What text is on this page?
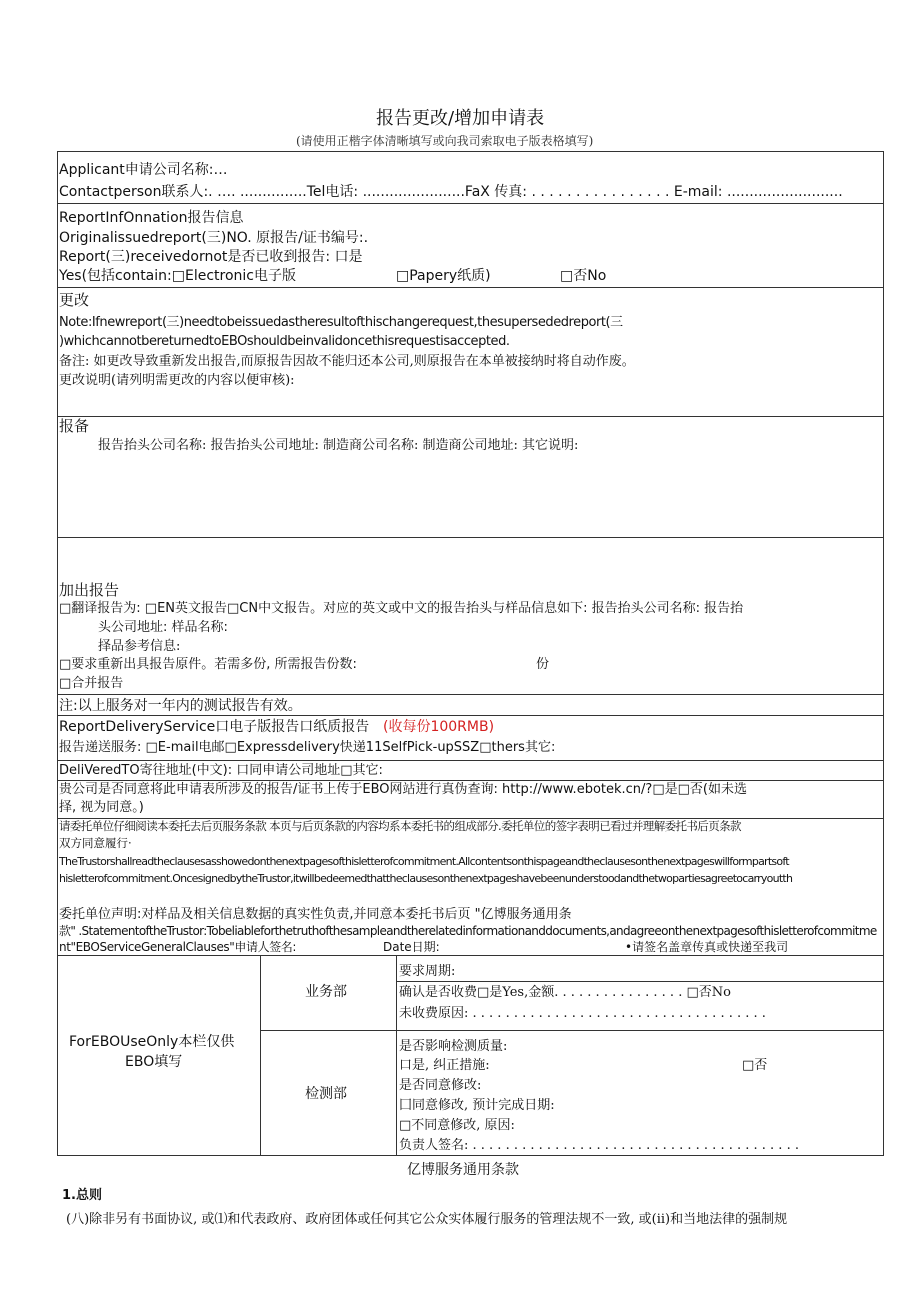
报告更改/增加申请表
(请使用正楷字体清晰填写或向我司索取电子版表格填写)
Applicant申请公司名称:…
Contactperson联系人:. …. ...............Tel电话: .......................FaX 传真: . . . . . . . . . . . . . . . . E-mail: ..........................
ReportInfOnnation报告信息
Originalissuedreport(三)NO. 原报告/证书编号:.
Report(三)receivedornot是否已收到报告: 口是
Yes(包括contain:□Electronic电子版	□Papery纸质)	□否No
更改
Note:Ifnewreport(三)needtobeissuedastheresultofthischangerequest,thesupersededreport(三
)whichcannotbereturnedtoEBOshouldbeinvalidoncethisrequestisaccepted.
备注: 如更改导致重新发出报告,而原报告因故不能归还本公司,则原报告在本单被接纳时将自动作废。
更改说明(请列明需更改的内容以便审核):
报备
报告抬头公司名称: 报告抬头公司地址: 制造商公司名称: 制造商公司地址: 其它说明:
加出报告
□翻译报告为: □EN英文报告□CN中文报告。对应的英文或中文的报告抬头与样品信息如下: 报告抬头公司名称: 报告抬
头公司地址: 样品名称:
择品参考信息:
□要求重新出具报告原件。若需多份, 所需报告份数:	份
□合并报告
注:以上服务对一年内的测试报告有效。
ReportDeliveryService口电子版报告口纸质报告 (收每份100RMB)
报告递送服务: □E-mail电邮□Expressdelivery快递11SelfPick-upSSZ□thers其它:
DeliVeredTO寄往地址(中文): 口同申请公司地址□其它:
贵公司是否同意将此申请表所涉及的报告/证书上传于EBO网站进行真伪查询: http://www.ebotek.cn/?□是□否(如未选
择, 视为同意。)
请委托单位仔细阅读本委托去后页服务条款 本页与后页条款的内容均系本委托书的组成部分.委托单位的签字表明已看过并理解委托书后页条款
双方同意履行·
TheTrustorshallreadtheclausesasshowedonthenextpagesofthisletterofcommitment.Allcontentsonthispageandtheclausesonthenextpageswillformpartsoft
hisletterofcommitment.OncesignedbytheTrustor,itwillbedeemedthattheclausesonthenextpageshavebeenunderstoodandthetwopartiesagreetocarryoutth
委托单位声明:对样品及相关信息数据的真实性负责,并同意本委托书后页 "亿博服务通用条
款" .StatementoftheTrustor:Tobeliableforthetruthofthesampleandtherelatedinformationanddocuments,andagreeonthenextpagesofthisletterofcommitme
nt"EBOServiceGeneralClauses"申请人签名:	Date日期:	•请签名盖章传真或快递至我司
ForEBOUseOnly本栏仅供
EBO填写
业务部
要求周期:
确认是否收费□是Yes,金额. . . . . . . . . . . . . . . . □否No
未收费原因: . . . . . . . . . . . . . . . . . . . . . . . . . . . . . . . . . . . .
检测部
是否影响检测质量:
口是, 纠正措施:	□否
是否同意修改:
囗同意修改, 预计完成日期:
□不同意修改, 原因:
负责人签名: . . . . . . . . . . . . . . . . . . . . . . . . . . . . . . . . . . . . . . . .
亿博服务通用条款
1.总则
(八)除非另有书面协议, 或⑴和代表政府、政府团体或任何其它公众实体履行服务的管理法规不一致, 或(ii)和当地法律的强制规
